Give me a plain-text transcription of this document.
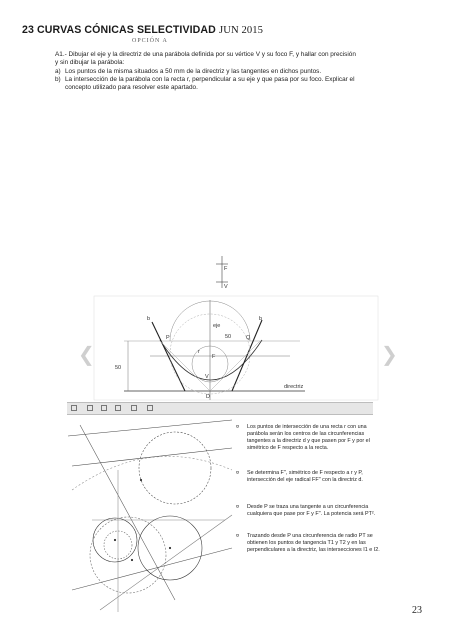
23 CURVAS CÓNICAS SELECTIVIDAD JUN 2015
OPCIÓN A
A1.- Dibujar el eje y la directriz de una parábola definida por su vértice V y su foco F, y hallar con precisión
y sin dibujar la parábola:
a) Los puntos de la misma situados a 50 mm de la directriz y las tangentes en dichos puntos.
b) La intersección de la parábola con la recta r, perpendicular a su eje y que pasa por su foco. Explicar el
concepto utilizado para resolver este apartado.
F
V
eje
50
50
b	b
P	Q
F
V
r
D
directriz
❮	❯
¤ Los puntos de intersección de una recta r con una parábola serán los centros de las circunferencias tangentes a la directriz d y que pasen por F y por el simétrico de F respecto a la recta.
¤ Se determina F'', simétrico de F respecto a r y P, intersección del eje radical FF'' con la directriz d.
¤ Desde P se traza una tangente a un circunferencia cualquiera que pase por F y F''. La potencia será PT².
¤ Trazando desde P una circunferencia de radio PT se obtienen los puntos de tangencia T1 y T2 y en las perpendiculares a la directriz, las intersecciones I1 e I2.
23
